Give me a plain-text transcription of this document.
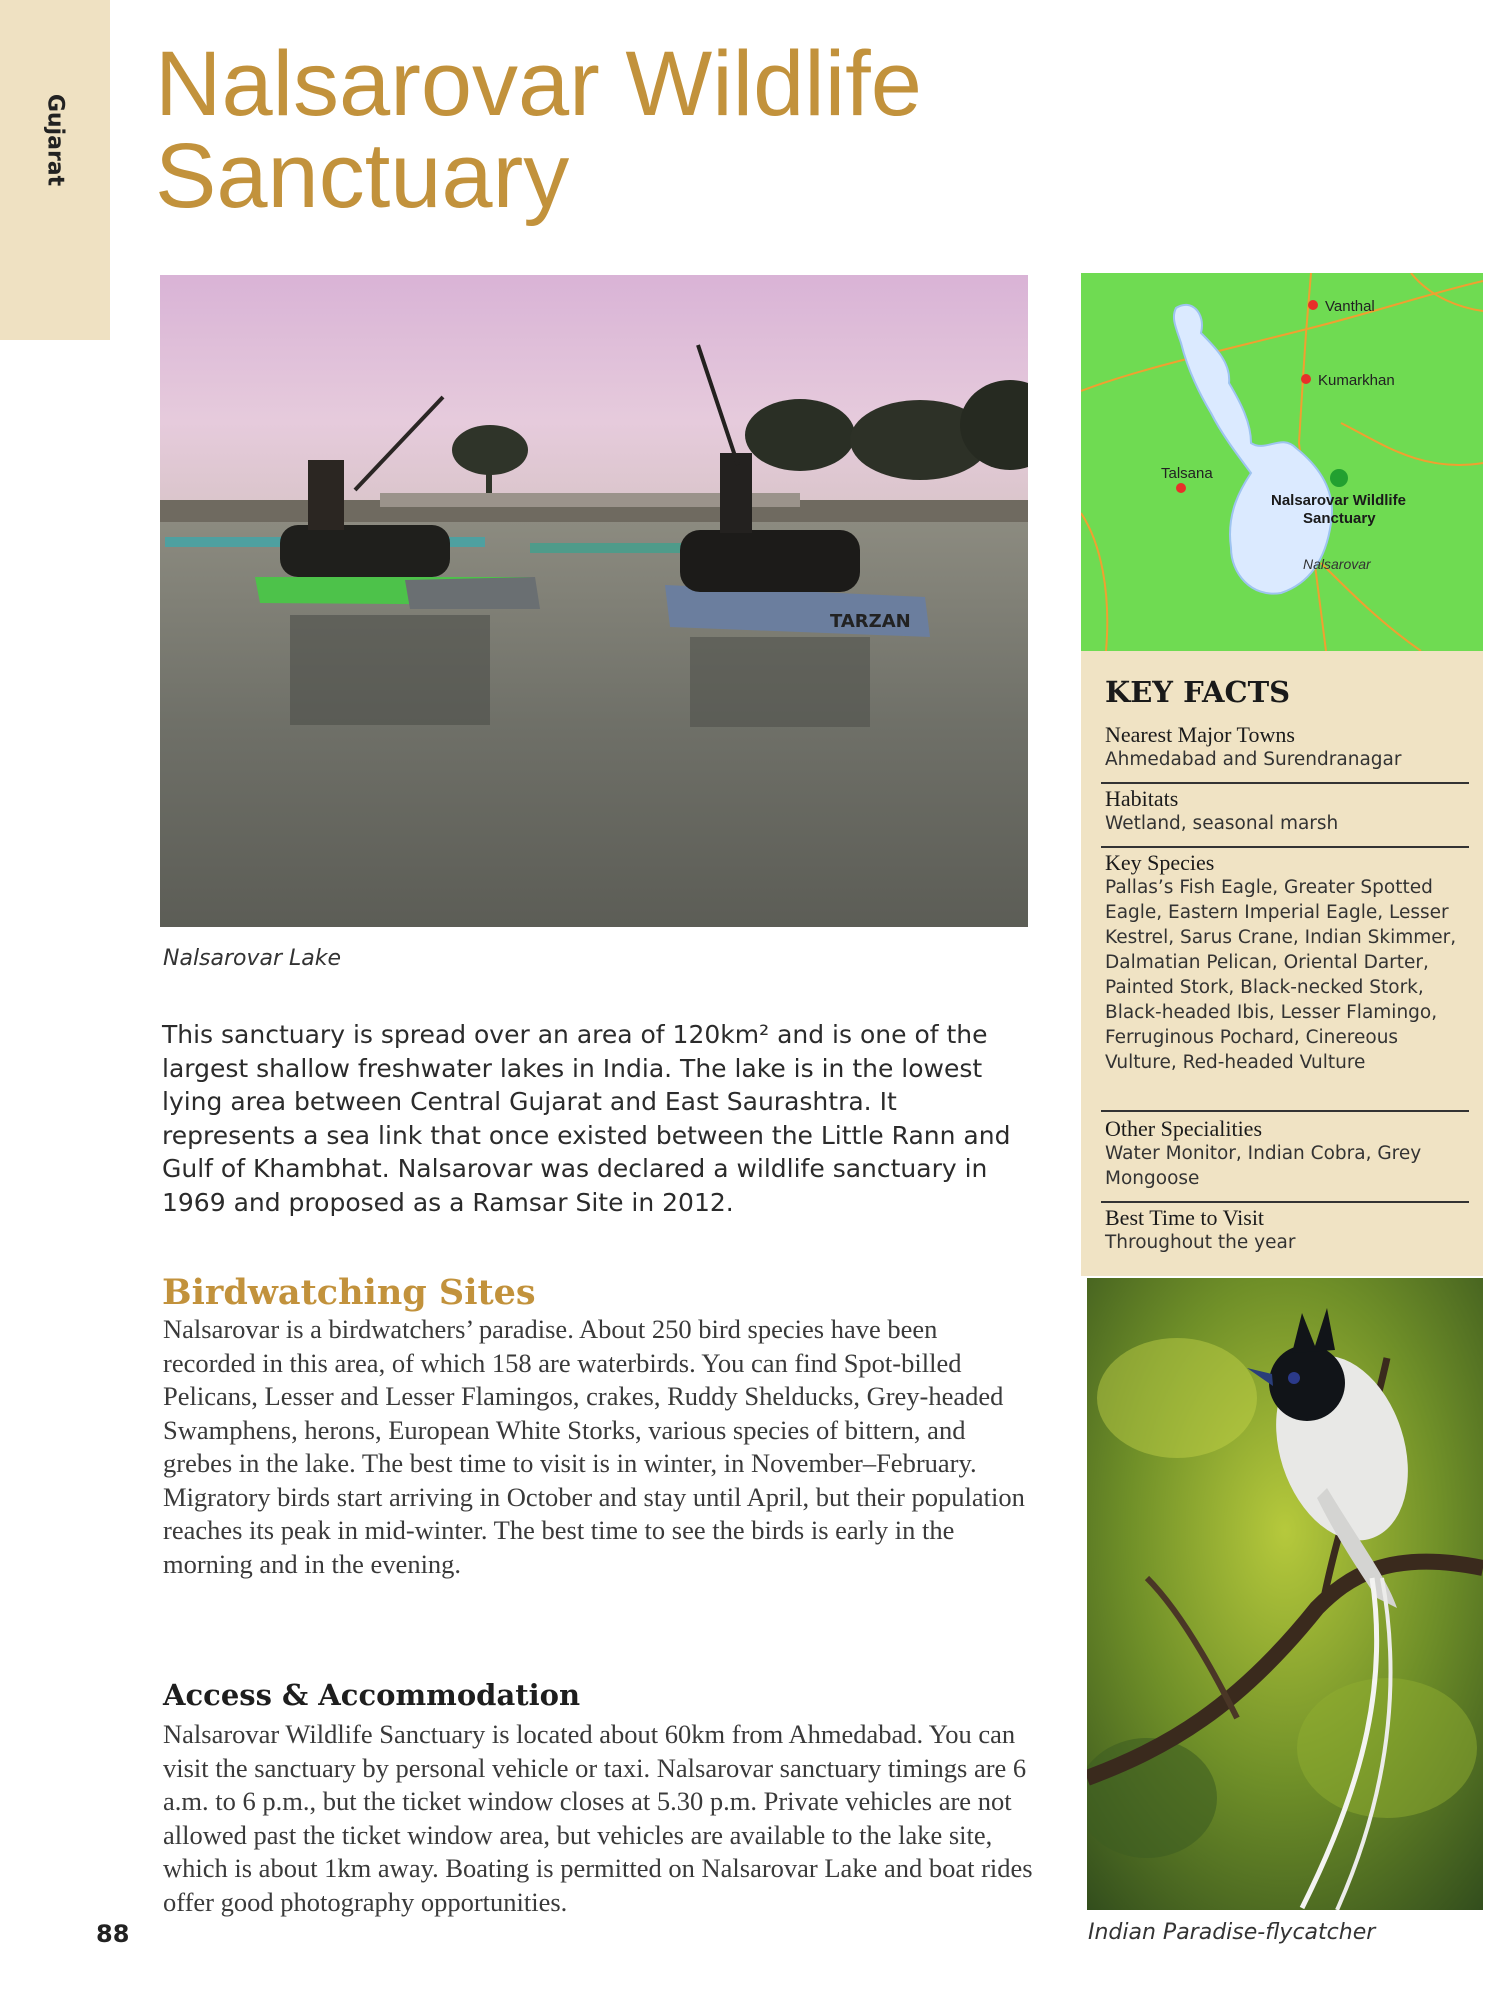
Gujarat
Nalsarovar Wildlife
Sanctuary
TARZAN
Nalsarovar Lake

This sanctuary is spread over an area of 120km² and is one of the largest shallow freshwater lakes in India. The lake is in the lowest lying area between Central Gujarat and East Saurashtra. It represents a sea link that once existed between the Little Rann and Gulf of Khambhat. Nalsarovar was declared a wildlife sanctuary in 1969 and proposed as a Ramsar Site in 2012.

Birdwatching Sites

Nalsarovar is a birdwatchers’ paradise. About 250 bird species have been recorded in this area, of which 158 are waterbirds. You can find Spot-billed Pelicans, Lesser and Lesser Flamingos, crakes, Ruddy Shelducks, Grey-headed Swamphens, herons, European White Storks, various species of bittern, and grebes in the lake. The best time to visit is in winter, in November–February. Migratory birds start arriving in October and stay until April, but their population reaches its peak in mid-winter. The best time to see the birds is early in the morning and in the evening.

Access & Accommodation

Nalsarovar Wildlife Sanctuary is located about 60km from Ahmedabad. You can visit the sanctuary by personal vehicle or taxi. Nalsarovar sanctuary timings are 6 a.m. to 6 p.m., but the ticket window closes at 5.30 p.m. Private vehicles are not allowed past the ticket window area, but vehicles are available to the lake site, which is about 1km away. Boating is permitted on Nalsarovar Lake and boat rides offer good photography opportunities.

88
Vanthal
Kumarkhan
Talsana
Nalsarovar Wildlife
Sanctuary
Nalsarovar
KEY FACTS
Nearest Major Towns
Ahmedabad and Surendranagar
Habitats
Wetland, seasonal marsh
Key Species
Pallas’s Fish Eagle, Greater Spotted Eagle, Eastern Imperial Eagle, Lesser Kestrel, Sarus Crane, Indian Skimmer, Dalmatian Pelican, Oriental Darter, Painted Stork, Black-necked Stork, Black-headed Ibis, Lesser Flamingo, Ferruginous Pochard, Cinereous Vulture, Red-headed Vulture
Other Specialities
Water Monitor, Indian Cobra, Grey Mongoose
Best Time to Visit
Throughout the year
Indian Paradise-flycatcher
